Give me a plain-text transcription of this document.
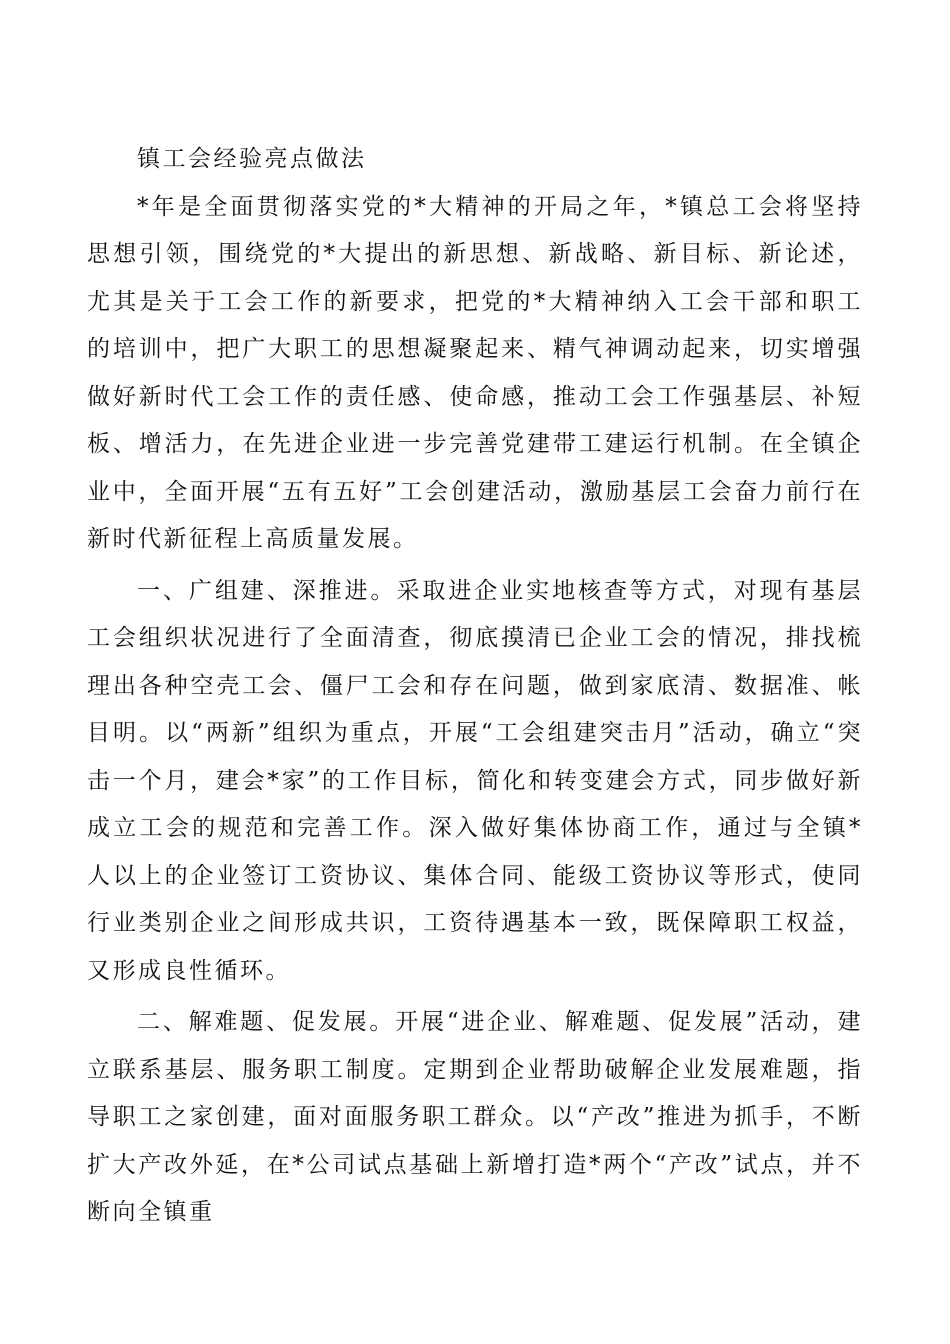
镇工会经验亮点做法

*年是全面贯彻落实党的*大精神的开局之年，*镇总工会将坚持思想引领，围绕党的*大提出的新思想、新战略、新目标、新论述，尤其是关于工会工作的新要求，把党的*大精神纳入工会干部和职工的培训中，把广大职工的思想凝聚起来、精气神调动起来，切实增强做好新时代工会工作的责任感、使命感，推动工会工作强基层、补短板、增活力，在先进企业进一步完善党建带工建运行机制。在全镇企业中，全面开展“五有五好”工会创建活动，激励基层工会奋力前行在新时代新征程上高质量发展。

一、广组建、深推进。采取进企业实地核查等方式，对现有基层工会组织状况进行了全面清查，彻底摸清已企业工会的情况，排找梳理出各种空壳工会、僵尸工会和存在问题，做到家底清、数据准、帐目明。以“两新”组织为重点，开展“工会组建突击月”活动，确立“突击一个月，建会*家”的工作目标，简化和转变建会方式，同步做好新成立工会的规范和完善工作。深入做好集体协商工作，通过与全镇*人以上的企业签订工资协议、集体合同、能级工资协议等形式，使同行业类别企业之间形成共识，工资待遇基本一致，既保障职工权益，又形成良性循环。

二、解难题、促发展。开展“进企业、解难题、促发展”活动，建立联系基层、服务职工制度。定期到企业帮助破解企业发展难题，指导职工之家创建，面对面服务职工群众。以“产改”推进为抓手，不断扩大产改外延，在*公司试点基础上新增打造*两个“产改”试点，并不断向全镇重
